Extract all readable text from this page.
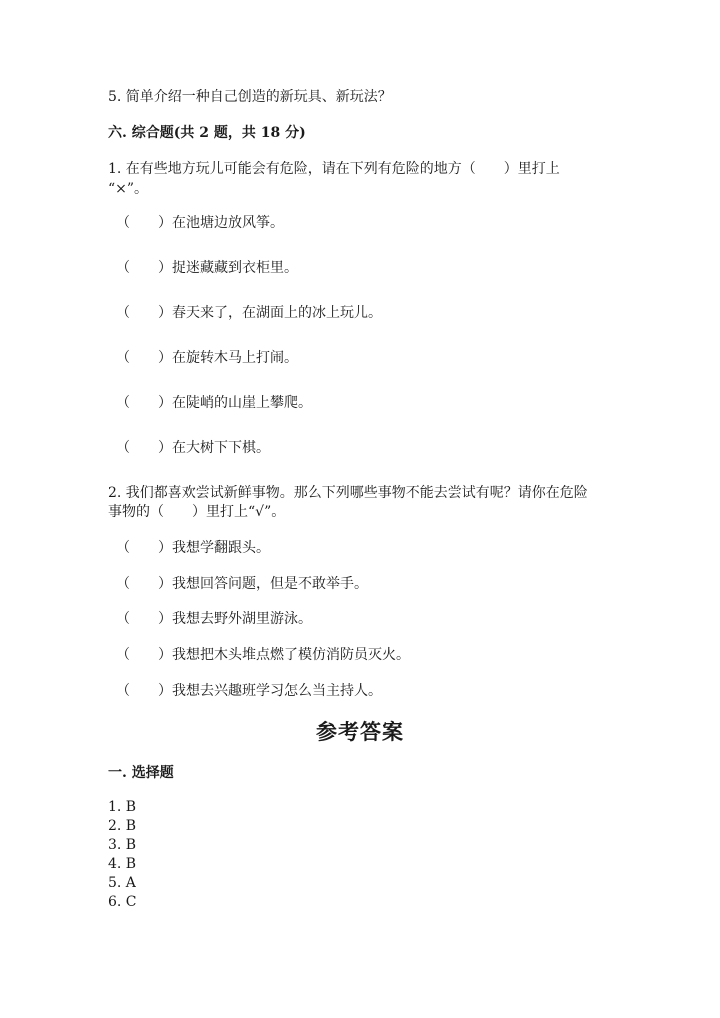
5. 简单介绍一种自己创造的新玩具、新玩法？

六. 综合题(共 2 题，共 18 分)

1. 在有些地方玩儿可能会有危险，请在下列有危险的地方（　　）里打上

“×”。

（　　）在池塘边放风筝。

（　　）捉迷藏藏到衣柜里。

（　　）春天来了，在湖面上的冰上玩儿。

（　　）在旋转木马上打闹。

（　　）在陡峭的山崖上攀爬。

（　　）在大树下下棋。

2. 我们都喜欢尝试新鲜事物。那么下列哪些事物不能去尝试有呢？请你在危险

事物的（　　）里打上“√”。

（　　）我想学翻跟头。

（　　）我想回答问题，但是不敢举手。

（　　）我想去野外湖里游泳。

（　　）我想把木头堆点燃了模仿消防员灭火。

（　　）我想去兴趣班学习怎么当主持人。

参考答案

一. 选择题

1. B

2. B

3. B

4. B

5. A

6. C
